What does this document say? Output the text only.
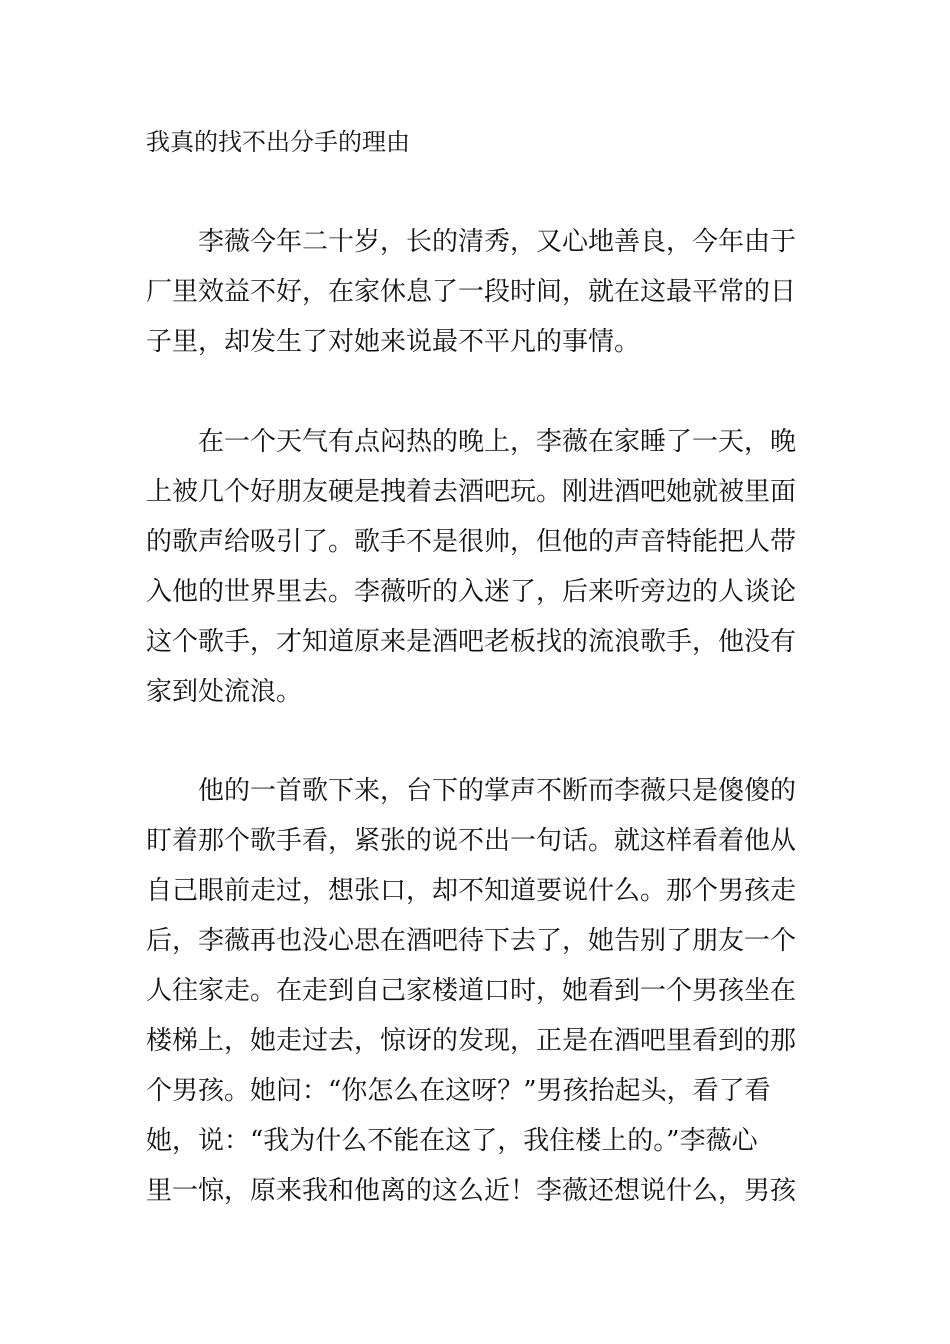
我真的找不出分手的理由
李薇今年二十岁，长的清秀，又心地善良，今年由于
厂里效益不好，在家休息了一段时间，就在这最平常的日
子里，却发生了对她来说最不平凡的事情。
在一个天气有点闷热的晚上，李薇在家睡了一天，晚
上被几个好朋友硬是拽着去酒吧玩。刚进酒吧她就被里面
的歌声给吸引了。歌手不是很帅，但他的声音特能把人带
入他的世界里去。李薇听的入迷了，后来听旁边的人谈论
这个歌手，才知道原来是酒吧老板找的流浪歌手，他没有
家到处流浪。
他的一首歌下来，台下的掌声不断而李薇只是傻傻的
盯着那个歌手看，紧张的说不出一句话。就这样看着他从
自己眼前走过，想张口，却不知道要说什么。那个男孩走
后，李薇再也没心思在酒吧待下去了，她告别了朋友一个
人往家走。在走到自己家楼道口时，她看到一个男孩坐在
楼梯上，她走过去，惊讶的发现，正是在酒吧里看到的那
个男孩。她问：“你怎么在这呀？”男孩抬起头，看了看
她，说：“我为什么不能在这了，我住楼上的。”李薇心
里一惊，原来我和他离的这么近！李薇还想说什么，男孩
